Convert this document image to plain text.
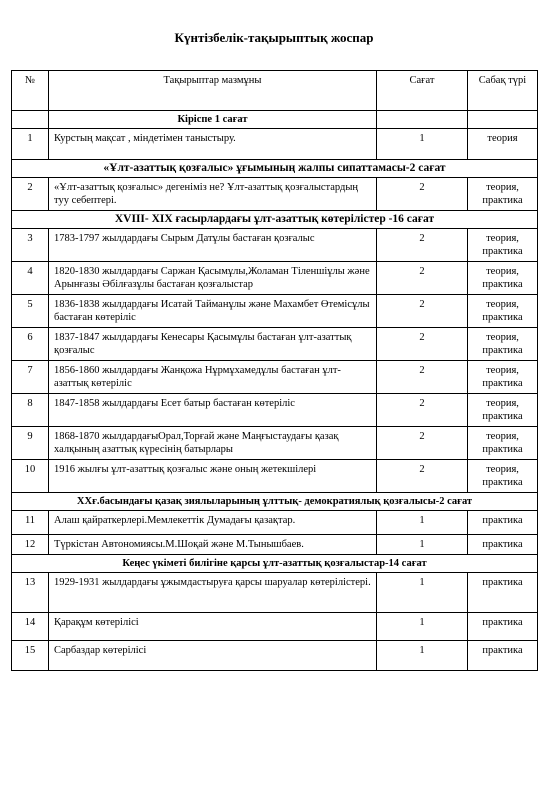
Күнтізбелік-тақырыптық жоспар
№	Тақырыптар мазмұны	Сағат	Сабақ түрі
	Кіріспе 1 сағат		
1	Курстың мақсат , міндетімен таныстыру.	1	теория
«Ұлт-азаттық қозғалыс» ұғымының жалпы сипаттамасы-2 сағат			
2	«Ұлт-азаттық қозғалыс» дегеніміз не? Ұлт-азаттық қозғалыстардың туу себептері.	2	теория, практика
XVIII- XIX ғасырлардағы ұлт-азаттық көтерілістер -16 сағат			
3	1783-1797 жылдардағы Сырым Датұлы бастаған қозғалыс	2	теория, практика
4	1820-1830 жылдардағы Саржан Қасымұлы,Жоламан Тіленшіұлы және Арынғазы Әбілғазұлы бастаған қозғалыстар	2	теория, практика
5	1836-1838 жылдардағы Исатай Тайманұлы және Махамбет Өтемісұлы бастаған көтеріліс	2	теория, практика
6	1837-1847 жылдардағы Кенесары Қасымұлы бастаған ұлт-азаттық қозғалыс	2	теория, практика
7	1856-1860 жылдардағы Жанқожа Нұрмұхамедұлы бастаған ұлт-азаттық көтеріліс	2	теория, практика
8	1847-1858 жылдардағы Есет батыр бастаған көтеріліс	2	теория, практика
9	1868-1870 жылдардағыОрал,Торғай және Маңғыстаудағы қазақ халқының азаттық күресінің батырлары	2	теория, практика
10	1916 жылғы ұлт-азаттық қозғалыс және оның жетекшілері	2	теория, практика
ХХғ.басындағы қазақ зиялыларының ұлттық- демократиялық қозғалысы-2 сағат			
11	Алаш қайраткерлері.Мемлекеттік Думадағы қазақтар.	1	практика
12	Түркістан Автономиясы.М.Шоқай және М.Тынышбаев.	1	практика
Кеңес үкіметі билігіне қарсы ұлт-азаттық қозғалыстар-14 сағат			
13	1929-1931 жылдардағы ұжымдастыруға қарсы шаруалар көтерілістері.	1	практика
14	Қарақұм көтерілісі	1	практика
15	Сарбаздар көтерілісі	1	практика
